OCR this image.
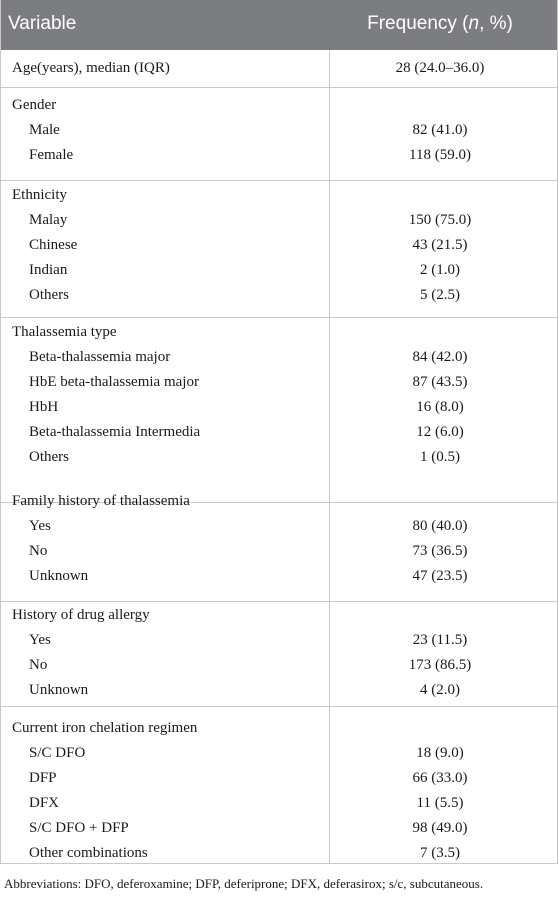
Variable	Frequency (n, %)
Age(years), median (IQR)	28 (24.0–36.0)
Gender
Male	82 (41.0)
Female	118 (59.0)
Ethnicity
Malay	150 (75.0)
Chinese	43 (21.5)
Indian	2 (1.0)
Others	5 (2.5)
Thalassemia type
Beta-thalassemia major	84 (42.0)
HbE beta-thalassemia major	87 (43.5)
HbH	16 (8.0)
Beta-thalassemia Intermedia	12 (6.0)
Others	1 (0.5)
Family history of thalassemia
Yes	80 (40.0)
No	73 (36.5)
Unknown	47 (23.5)
History of drug allergy
Yes	23 (11.5)
No	173 (86.5)
Unknown	4 (2.0)
Current iron chelation regimen
S/C DFO	18 (9.0)
DFP	66 (33.0)
DFX	11 (5.5)
S/C DFO + DFP	98 (49.0)
Other combinations	7 (3.5)
Abbreviations: DFO, deferoxamine; DFP, deferiprone; DFX, deferasirox; s/c, subcutaneous.
